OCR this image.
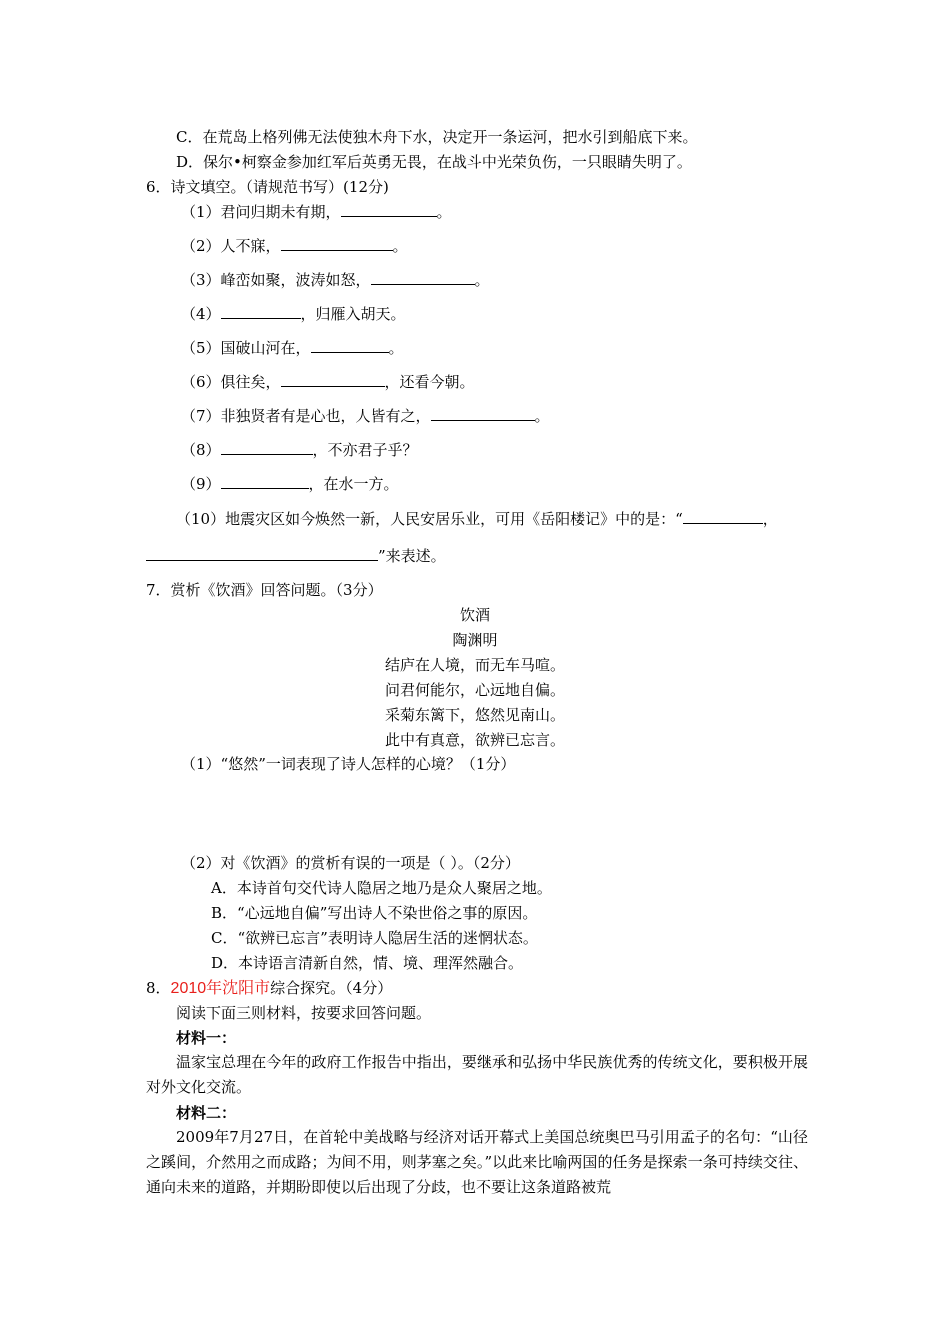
C．在荒岛上格列佛无法使独木舟下水，决定开一条运河，把水引到船底下来。
D．保尔•柯察金参加红军后英勇无畏，在战斗中光荣负伤，一只眼睛失明了。
6．诗文填空。（请规范书写）(12分)
（1）君问归期未有期，	。
（2）人不寐，	。
（3）峰峦如聚，波涛如怒，	。
（4）	，归雁入胡天。
（5）国破山河在，	。
（6）俱往矣，	，还看今朝。
（7）非独贤者有是心也，人皆有之，	。
（8）	，不亦君子乎？
（9）	，在水一方。
（10）地震灾区如今焕然一新，人民安居乐业，可用《岳阳楼记》中的是：“	，
”来表述。
7．赏析《饮酒》回答问题。（3分）
饮酒
陶渊明
结庐在人境，而无车马喧。
问君何能尔，心远地自偏。
采菊东篱下，悠然见南山。
此中有真意，欲辨已忘言。
（1）“悠然”一词表现了诗人怎样的心境？（1分）
（2）对《饮酒》的赏析有误的一项是（ ）。（2分）
A．本诗首句交代诗人隐居之地乃是众人聚居之地。
B．“心远地自偏”写出诗人不染世俗之事的原因。
C．“欲辨已忘言”表明诗人隐居生活的迷惘状态。
D．本诗语言清新自然，情、境、理浑然融合。
8．2010年沈阳市综合探究。（4分）
阅读下面三则材料，按要求回答问题。
材料一：
温家宝总理在今年的政府工作报告中指出，要继承和弘扬中华民族优秀的传统文化，要积极开展对外文化交流。
材料二：
2009年7月27日，在首轮中美战略与经济对话开幕式上美国总统奥巴马引用孟子的名句：“山径之蹊间，介然用之而成路；为间不用，则茅塞之矣。”以此来比喻两国的任务是探索一条可持续交往、通向未来的道路，并期盼即使以后出现了分歧，也不要让这条道路被荒
